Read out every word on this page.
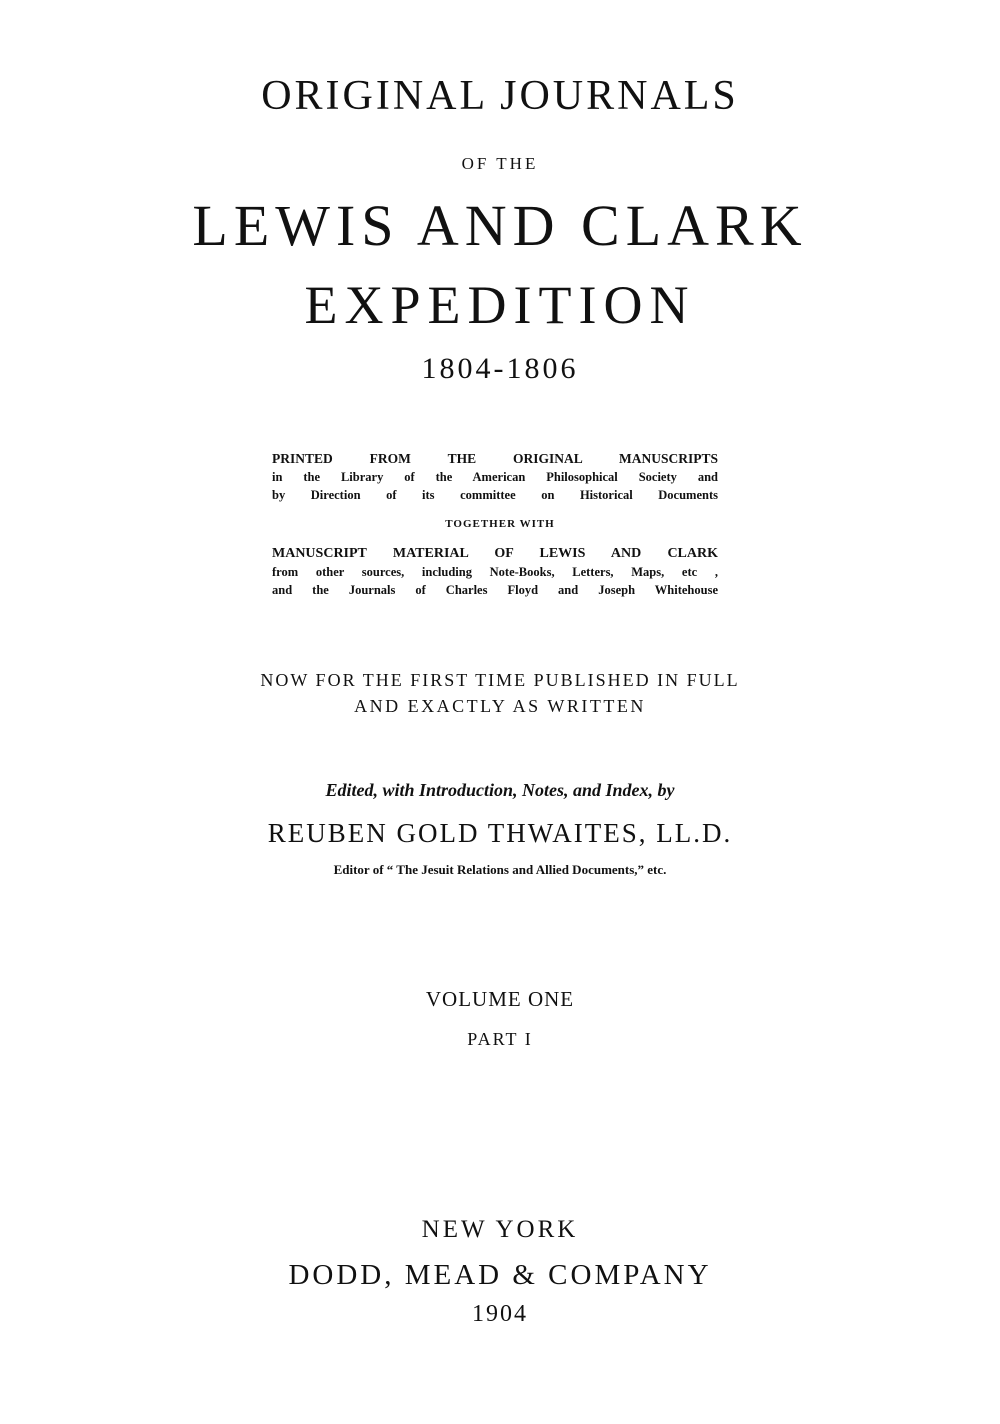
ORIGINAL JOURNALS
OF THE
LEWIS AND CLARK
EXPEDITION
1804-1806
PRINTED FROM THE ORIGINAL MANUSCRIPTS
in the Library of the American Philosophical Society and
by Direction of its committee on Historical Documents
TOGETHER WITH
MANUSCRIPT MATERIAL OF LEWIS AND CLARK
from other sources, including Note-Books, Letters, Maps, etc ,
and the Journals of Charles Floyd and Joseph Whitehouse
NOW FOR THE FIRST TIME PUBLISHED IN FULL
AND EXACTLY AS WRITTEN
Edited, with Introduction, Notes, and Index, by
REUBEN GOLD THWAITES, LL.D.
Editor of “ The Jesuit Relations and Allied Documents,” etc.
VOLUME ONE
PART I
NEW YORK
DODD, MEAD & COMPANY
1904
